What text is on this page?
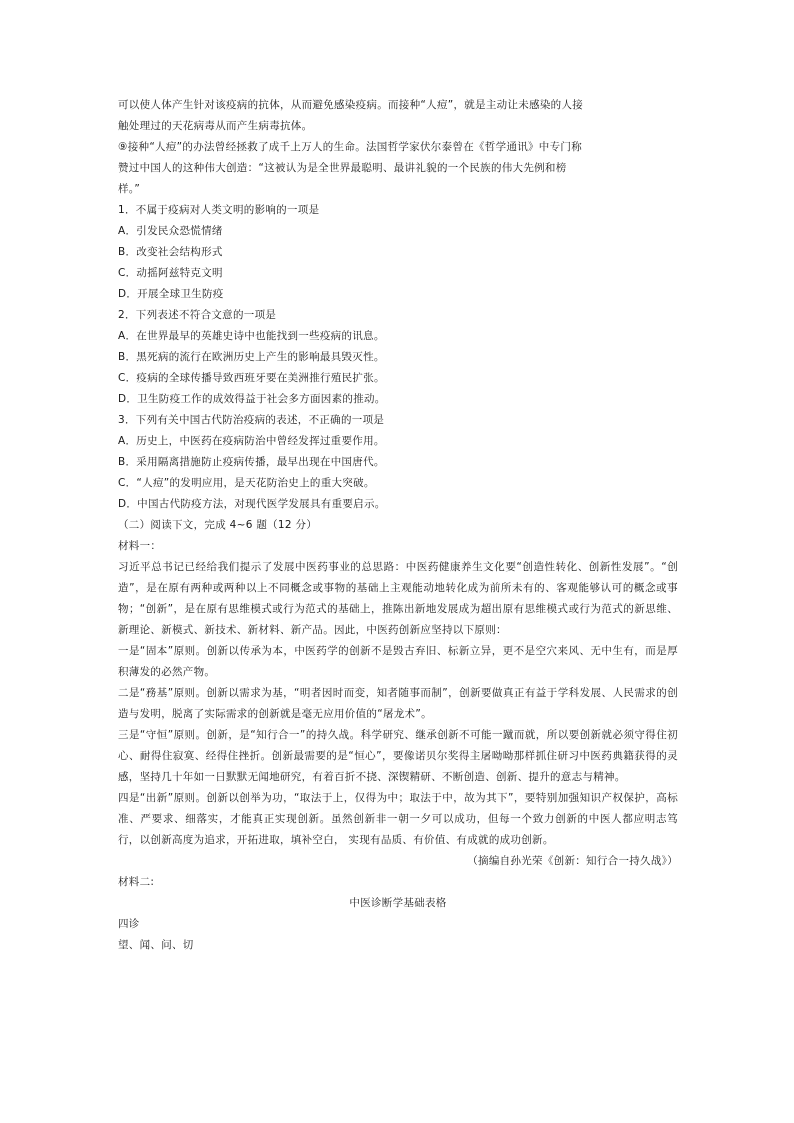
可以使人体产生针对该疫病的抗体，从而避免感染疫病。而接种“人痘”，就是主动让未感染的人接
触处理过的天花病毒从而产生病毒抗体。
⑨接种“人痘”的办法曾经拯救了成千上万人的生命。法国哲学家伏尔泰曾在《哲学通讯》中专门称
赞过中国人的这种伟大创造：“这被认为是全世界最聪明、最讲礼貌的一个民族的伟大先例和榜
样。”
1．不属于疫病对人类文明的影响的一项是
A．引发民众恐慌情绪
B．改变社会结构形式
C．动摇阿兹特克文明
D．开展全球卫生防疫
2．下列表述不符合文意的一项是
A．在世界最早的英雄史诗中也能找到一些疫病的讯息。
B．黑死病的流行在欧洲历史上产生的影响最具毁灭性。
C．疫病的全球传播导致西班牙要在美洲推行殖民扩张。
D．卫生防疫工作的成效得益于社会多方面因素的推动。
3．下列有关中国古代防治疫病的表述，不正确的一项是
A．历史上，中医药在疫病防治中曾经发挥过重要作用。
B．采用隔离措施防止疫病传播，最早出现在中国唐代。
C．“人痘”的发明应用，是天花防治史上的重大突破。
D．中国古代防疫方法，对现代医学发展具有重要启示。
（二）阅读下文，完成 4~6 题（12 分）
材料一：
习近平总书记已经给我们提示了发展中医药事业的总思路：中医药健康养生文化要“创造性转化、创新性发展”。“创造”，是在原有两种或两种以上不同概念或事物的基础上主观能动地转化成为前所未有的、客观能够认可的概念或事物；“创新”，是在原有思维模式或行为范式的基础上，推陈出新地发展成为超出原有思维模式或行为范式的新思维、新理论、新模式、新技术、新材料、新产品。因此，中医药创新应坚持以下原则：
一是“固本”原则。创新以传承为本，中医药学的创新不是毁古弃旧、标新立异，更不是空穴来风、无中生有，而是厚积薄发的必然产物。
二是“務基”原则。创新以需求为基，“明者因时而变，知者随事而制”，创新要做真正有益于学科发展、人民需求的创造与发明，脱离了实际需求的创新就是毫无应用价值的“屠龙术”。
三是“守恒”原则。创新，是“知行合一”的持久战。科学研究、继承创新不可能一蹴而就，所以要创新就必须守得住初心、耐得住寂寞、经得住挫折。创新最需要的是“恒心”，要像诺贝尔奖得主屠呦呦那样抓住研习中医药典籍获得的灵感，坚持几十年如一日默默无闻地研究，有着百折不挠、深锲精研、不断创造、创新、提升的意志与精神。
四是“出新”原则。创新以创举为功，“取法于上，仅得为中；取法于中，故为其下”，要特别加强知识产权保护，高标准、严要求、细落实，才能真正实现创新。虽然创新非一朝一夕可以成功，但每一个致力创新的中医人都应明志笃行，以创新高度为追求，开拓进取，填补空白， 实现有品质、有价值、有成就的成功创新。
（摘编自孙光荣《创新：知行合一持久战》）
材料二:
中医诊断学基础表格
四诊
望、闻、问、切
